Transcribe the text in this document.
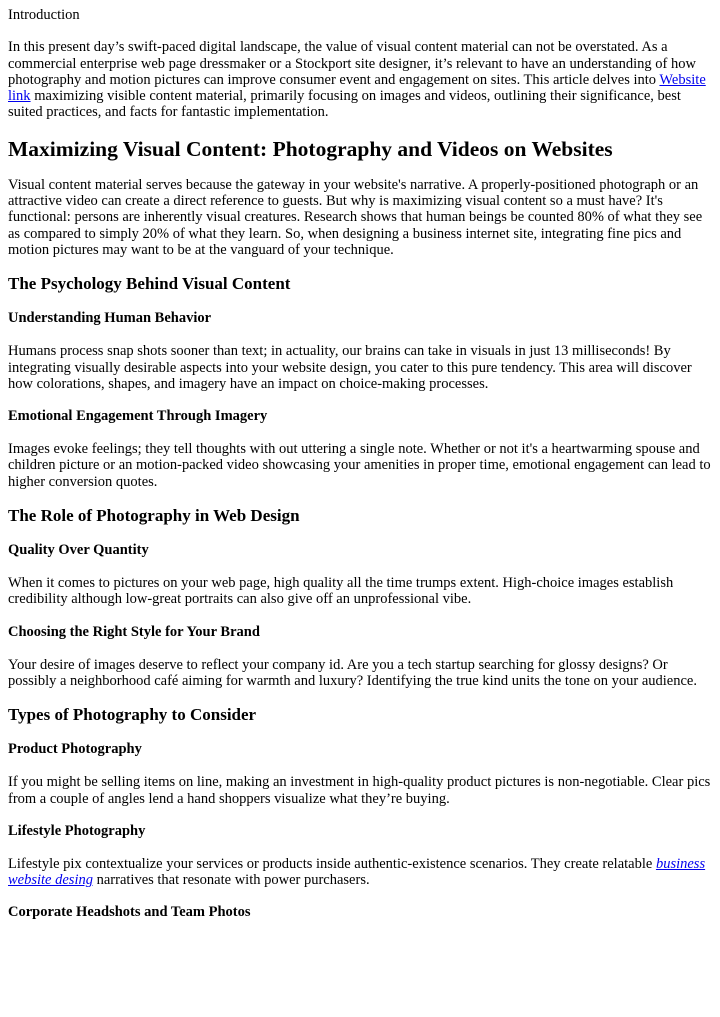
Introduction

In this present day’s swift-paced digital landscape, the value of visual content material can not be overstated. As a commercial enterprise web page dressmaker or a Stockport site designer, it’s relevant to have an understanding of how photography and motion pictures can improve consumer event and engagement on sites. This article delves into Website link maximizing visible content material, primarily focusing on images and videos, outlining their significance, best suited practices, and facts for fantastic implementation.

Maximizing Visual Content: Photography and Videos on Websites

Visual content material serves because the gateway in your website's narrative. A properly-positioned photograph or an attractive video can create a direct reference to guests. But why is maximizing visual content so a must have? It's functional: persons are inherently visual creatures. Research shows that human beings be counted 80% of what they see as compared to simply 20% of what they learn. So, when designing a business internet site, integrating fine pics and motion pictures may want to be at the vanguard of your technique.

The Psychology Behind Visual Content
Understanding Human Behavior

Humans process snap shots sooner than text; in actuality, our brains can take in visuals in just 13 milliseconds! By integrating visually desirable aspects into your website design, you cater to this pure tendency. This area will discover how colorations, shapes, and imagery have an impact on choice-making processes.

Emotional Engagement Through Imagery

Images evoke feelings; they tell thoughts with out uttering a single note. Whether or not it's a heartwarming spouse and children picture or an motion-packed video showcasing your amenities in proper time, emotional engagement can lead to higher conversion quotes.

The Role of Photography in Web Design
Quality Over Quantity

When it comes to pictures on your web page, high quality all the time trumps extent. High-choice images establish credibility although low-great portraits can also give off an unprofessional vibe.

Choosing the Right Style for Your Brand

Your desire of images deserve to reflect your company id. Are you a tech startup searching for glossy designs? Or possibly a neighborhood café aiming for warmth and luxury? Identifying the true kind units the tone on your audience.

Types of Photography to Consider
Product Photography

If you might be selling items on line, making an investment in high-quality product pictures is non-negotiable. Clear pics from a couple of angles lend a hand shoppers visualize what they’re buying.

Lifestyle Photography

Lifestyle pix contextualize your services or products inside authentic-existence scenarios. They create relatable business website desing narratives that resonate with power purchasers.

Corporate Headshots and Team Photos
